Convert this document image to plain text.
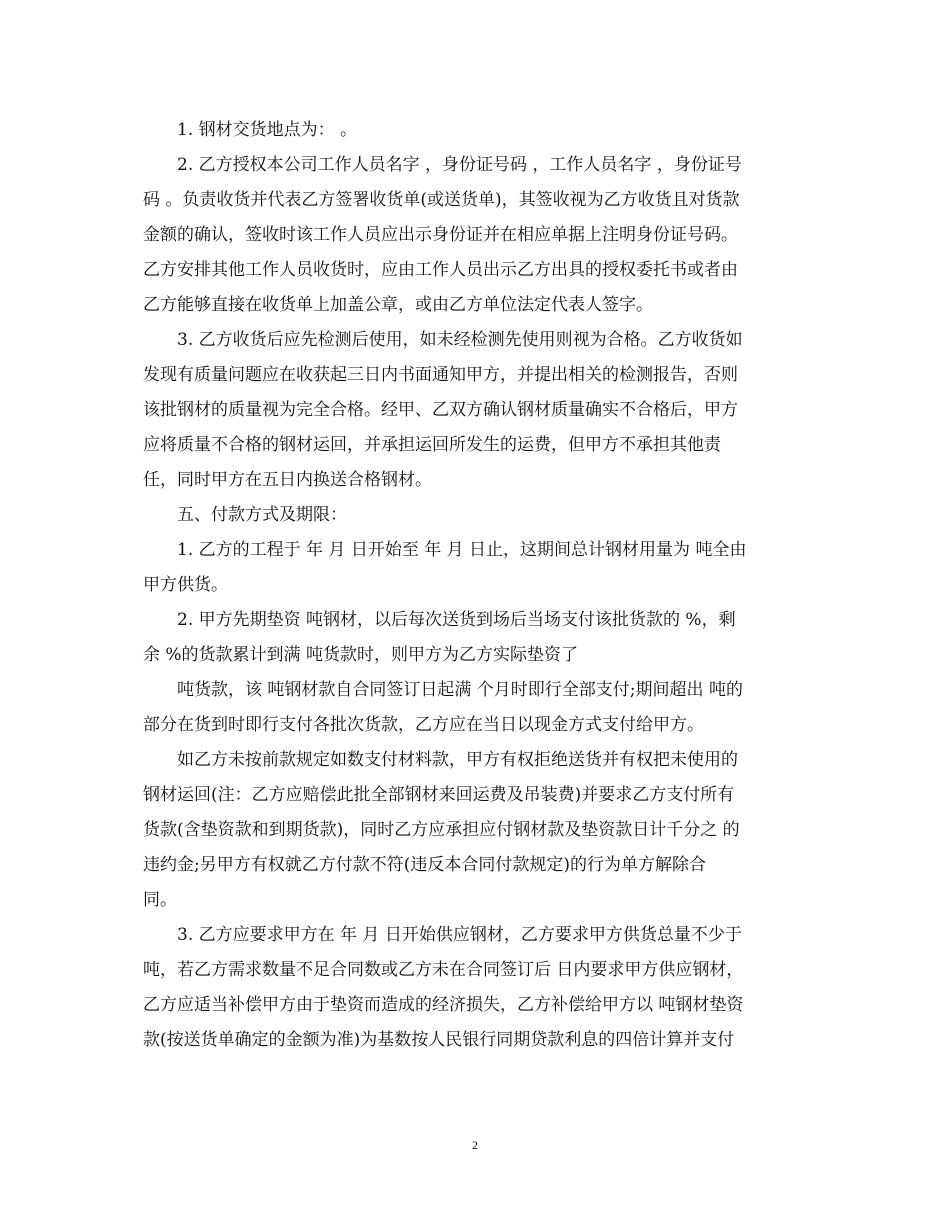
1. 钢材交货地点为： 。
2. 乙方授权本公司工作人员名字 ，身份证号码 ，工作人员名字 ，身份证号
码 。负责收货并代表乙方签署收货单(或送货单)，其签收视为乙方收货且对货款
金额的确认，签收时该工作人员应出示身份证并在相应单据上注明身份证号码。
乙方安排其他工作人员收货时，应由工作人员出示乙方出具的授权委托书或者由
乙方能够直接在收货单上加盖公章，或由乙方单位法定代表人签字。
3. 乙方收货后应先检测后使用，如未经检测先使用则视为合格。乙方收货如
发现有质量问题应在收获起三日内书面通知甲方，并提出相关的检测报告，否则
该批钢材的质量视为完全合格。经甲、乙双方确认钢材质量确实不合格后，甲方
应将质量不合格的钢材运回，并承担运回所发生的运费，但甲方不承担其他责
任，同时甲方在五日内换送合格钢材。
五、付款方式及期限：
1. 乙方的工程于 年 月 日开始至 年 月 日止，这期间总计钢材用量为 吨全由
甲方供货。
2. 甲方先期垫资 吨钢材，以后每次送货到场后当场支付该批货款的 %，剩
余 %的货款累计到满 吨货款时，则甲方为乙方实际垫资了
吨货款，该 吨钢材款自合同签订日起满 个月时即行全部支付;期间超出 吨的
部分在货到时即行支付各批次货款，乙方应在当日以现金方式支付给甲方。
如乙方未按前款规定如数支付材料款，甲方有权拒绝送货并有权把未使用的
钢材运回(注：乙方应赔偿此批全部钢材来回运费及吊装费)并要求乙方支付所有
货款(含垫资款和到期货款)，同时乙方应承担应付钢材款及垫资款日计千分之 的
违约金;另甲方有权就乙方付款不符(违反本合同付款规定)的行为单方解除合
同。
3. 乙方应要求甲方在 年 月 日开始供应钢材，乙方要求甲方供货总量不少于
吨，若乙方需求数量不足合同数或乙方未在合同签订后 日内要求甲方供应钢材，
乙方应适当补偿甲方由于垫资而造成的经济损失，乙方补偿给甲方以 吨钢材垫资
款(按送货单确定的金额为准)为基数按人民银行同期贷款利息的四倍计算并支付
2
